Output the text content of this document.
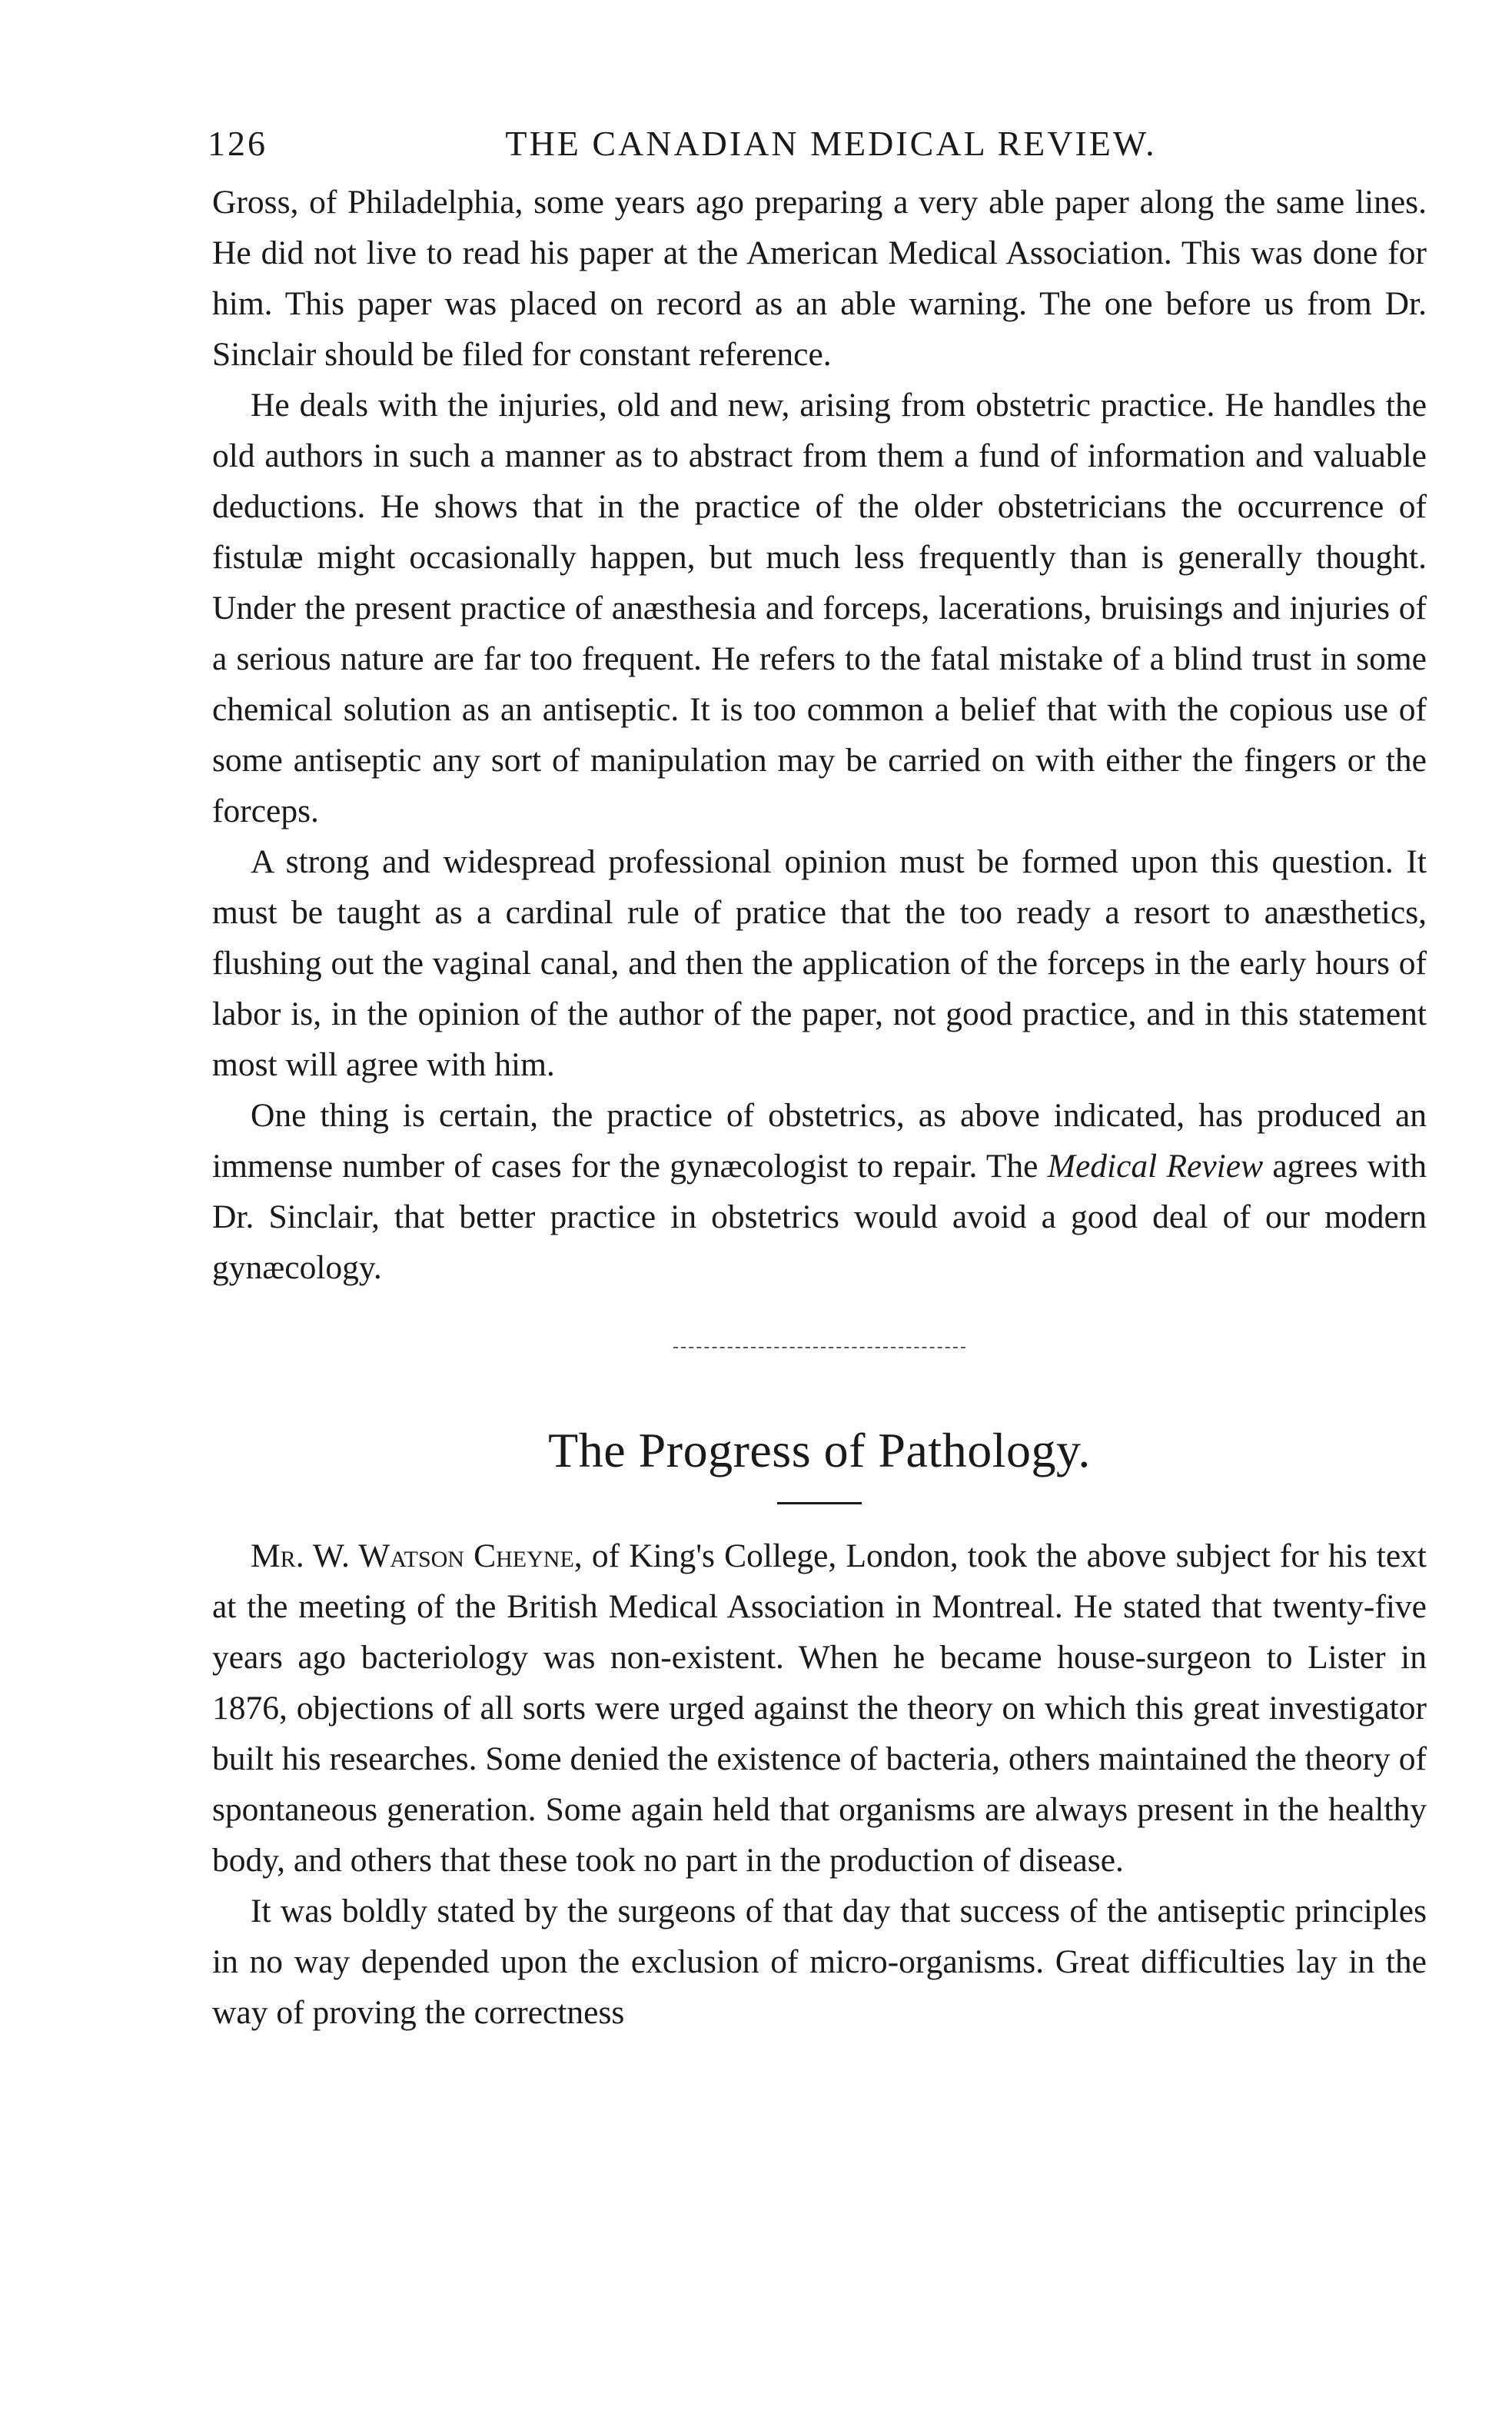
126	THE CANADIAN MEDICAL REVIEW.

Gross, of Philadelphia, some years ago preparing a very able paper along the same lines. He did not live to read his paper at the American Medical Association. This was done for him. This paper was placed on record as an able warning. The one before us from Dr. Sinclair should be filed for constant reference.

He deals with the injuries, old and new, arising from obstetric practice. He handles the old authors in such a manner as to abstract from them a fund of information and valuable deductions. He shows that in the practice of the older obstetricians the occurrence of fistulæ might occasionally happen, but much less frequently than is generally thought. Under the present practice of anæsthesia and forceps, lacerations, bruisings and injuries of a serious nature are far too frequent. He refers to the fatal mistake of a blind trust in some chemical solution as an antiseptic. It is too common a belief that with the copious use of some antiseptic any sort of manipulation may be carried on with either the fingers or the forceps.

A strong and widespread professional opinion must be formed upon this question. It must be taught as a cardinal rule of pratice that the too ready a resort to anæsthetics, flushing out the vaginal canal, and then the application of the forceps in the early hours of labor is, in the opinion of the author of the paper, not good practice, and in this statement most will agree with him.

One thing is certain, the practice of obstetrics, as above indicated, has produced an immense number of cases for the gynæcologist to repair. The Medical Review agrees with Dr. Sinclair, that better practice in obstetrics would avoid a good deal of our modern gynæcology.

The Progress of Pathology.

Mr. W. Watson Cheyne, of King's College, London, took the above subject for his text at the meeting of the British Medical Association in Montreal. He stated that twenty-five years ago bacteriology was non-existent. When he became house-surgeon to Lister in 1876, objections of all sorts were urged against the theory on which this great investigator built his researches. Some denied the existence of bacteria, others maintained the theory of spontaneous generation. Some again held that organisms are always present in the healthy body, and others that these took no part in the production of disease.

It was boldly stated by the surgeons of that day that success of the antiseptic principles in no way depended upon the exclusion of micro-organisms. Great difficulties lay in the way of proving the correctness
